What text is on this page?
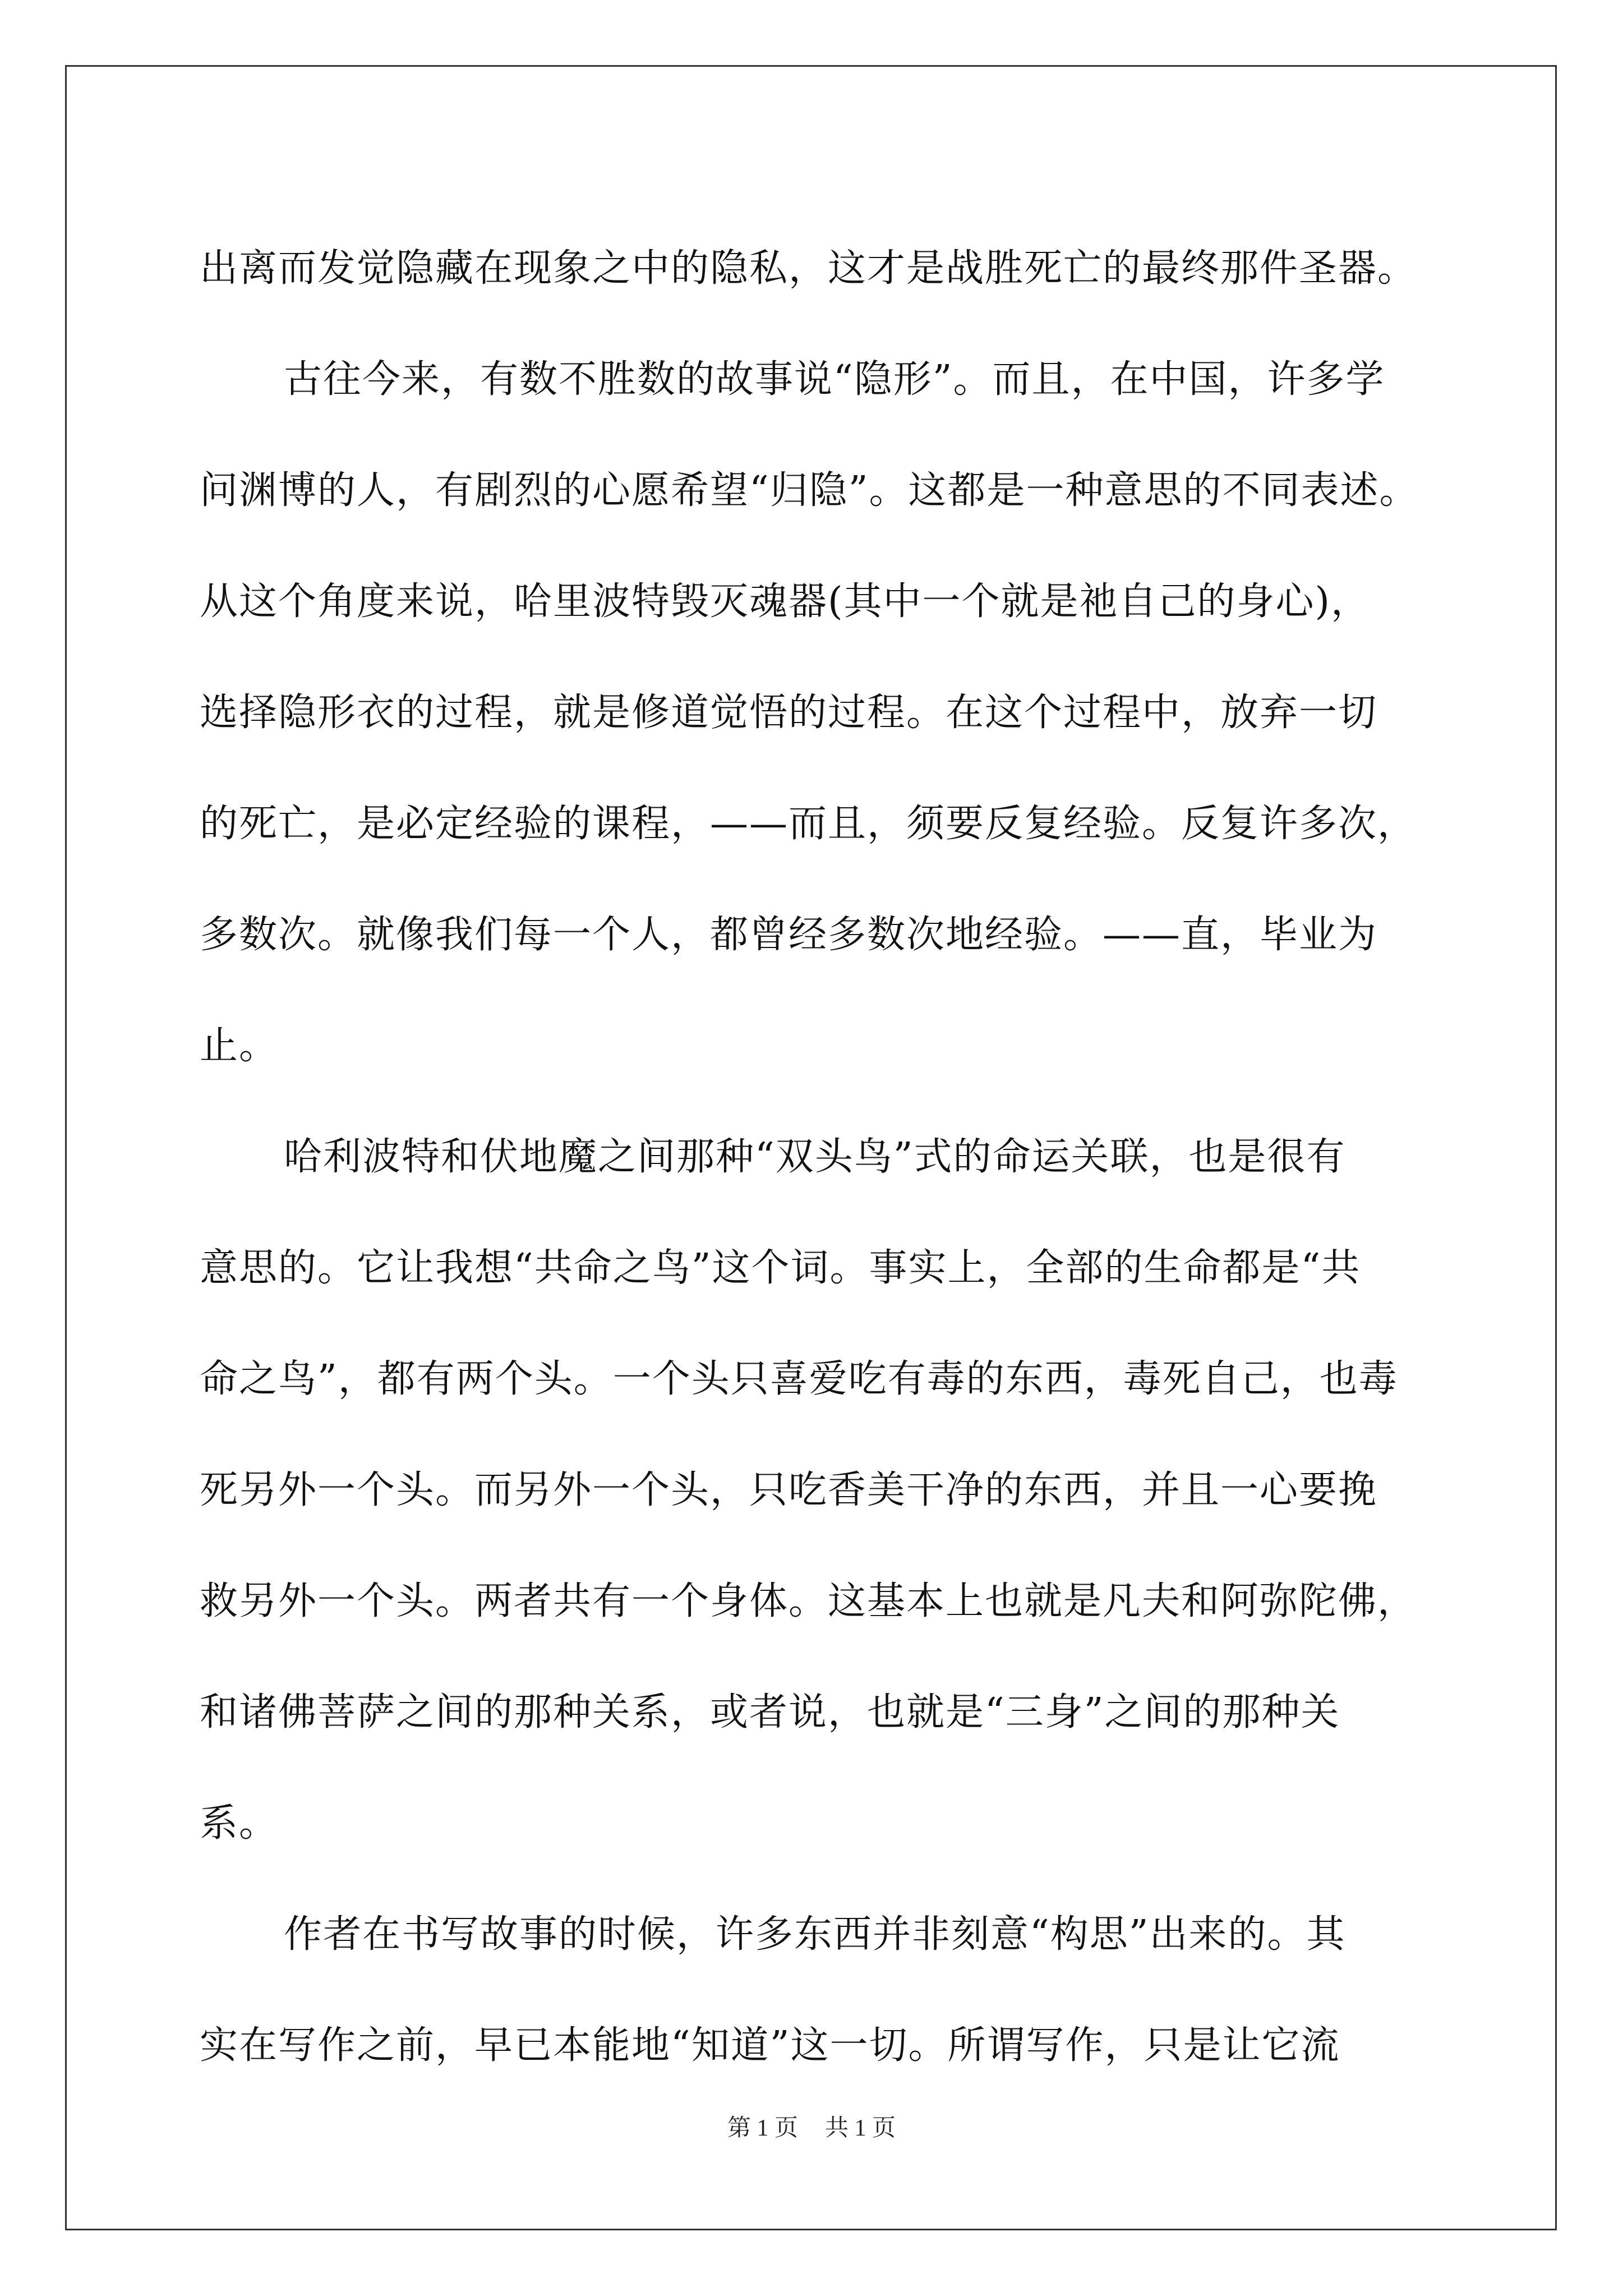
出离而发觉隐藏在现象之中的隐私，这才是战胜死亡的最终那件圣器。
古往今来，有数不胜数的故事说“隐形”。而且，在中国，许多学
问渊博的人，有剧烈的心愿希望“归隐”。这都是一种意思的不同表述。
从这个角度来说，哈里波特毁灭魂器(其中一个就是祂自己的身心)，
选择隐形衣的过程，就是修道觉悟的过程。在这个过程中，放弃一切
的死亡，是必定经验的课程，——而且，须要反复经验。反复许多次，
多数次。就像我们每一个人，都曾经多数次地经验。——直，毕业为
止。
哈利波特和伏地魔之间那种“双头鸟”式的命运关联，也是很有
意思的。它让我想“共命之鸟”这个词。事实上，全部的生命都是“共
命之鸟”，都有两个头。一个头只喜爱吃有毒的东西，毒死自己，也毒
死另外一个头。而另外一个头，只吃香美干净的东西，并且一心要挽
救另外一个头。两者共有一个身体。这基本上也就是凡夫和阿弥陀佛，
和诸佛菩萨之间的那种关系，或者说，也就是“三身”之间的那种关
系。
作者在书写故事的时候，许多东西并非刻意“构思”出来的。其
实在写作之前，早已本能地“知道”这一切。所谓写作，只是让它流
第 1 页 共 1 页
